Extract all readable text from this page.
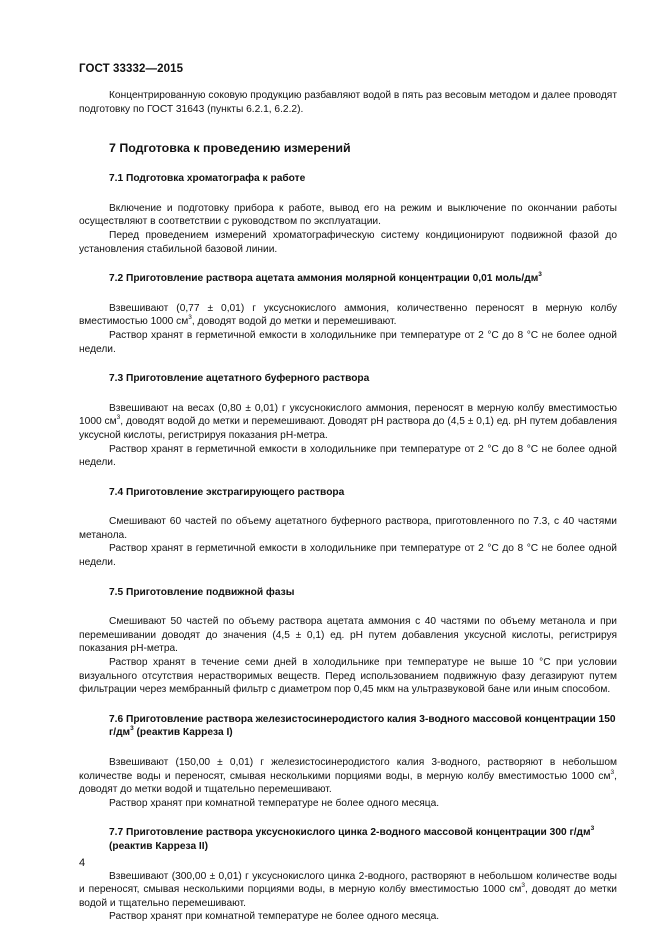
ГОСТ 33332—2015

Концентрированную соковую продукцию разбавляют водой в пять раз весовым методом и далее проводят подготовку по ГОСТ 31643 (пункты 6.2.1, 6.2.2).

7 Подготовка к проведению измерений
7.1 Подготовка хроматографа к работе

Включение и подготовку прибора к работе, вывод его на режим и выключение по окончании работы осуществляют в соответствии с руководством по эксплуатации.

Перед проведением измерений хроматографическую систему кондиционируют подвижной фазой до установления стабильной базовой линии.

7.2 Приготовление раствора ацетата аммония молярной концентрации 0,01 моль/$дм^3$

Взвешивают (0,77 ± 0,01) г уксуснокислого аммония, количественно переносят в мерную колбу вместимостью 1000 $см^3$, доводят водой до метки и перемешивают.

Раствор хранят в герметичной емкости в холодильнике при температуре от 2 °С до 8 °С не более одной недели.

7.3 Приготовление ацетатного буферного раствора

Взвешивают на весах (0,80 ± 0,01) г уксуснокислого аммония, переносят в мерную колбу вместимостью 1000 $см^3$, доводят водой до метки и перемешивают. Доводят pH раствора до (4,5 ± 0,1) ед. pH путем добавления уксусной кислоты, регистрируя показания pH-метра.

Раствор хранят в герметичной емкости в холодильнике при температуре от 2 °С до 8 °С не более одной недели.

7.4 Приготовление экстрагирующего раствора

Смешивают 60 частей по объему ацетатного буферного раствора, приготовленного по 7.3, с 40 частями метанола.

Раствор хранят в герметичной емкости в холодильнике при температуре от 2 °С до 8 °С не более одной недели.

7.5 Приготовление подвижной фазы

Смешивают 50 частей по объему раствора ацетата аммония с 40 частями по объему метанола и при перемешивании доводят до значения (4,5 ± 0,1) ед. pH путем добавления уксусной кислоты, регистрируя показания pH-метра.

Раствор хранят в течение семи дней в холодильнике при температуре не выше 10 °С при условии визуального отсутствия нерастворимых веществ. Перед использованием подвижную фазу дегазируют путем фильтрации через мембранный фильтр с диаметром пор 0,45 мкм на ультразвуковой бане или иным способом.

7.6 Приготовление раствора железистосинеродистого калия 3-водного массовой концентрации 150 $г/дм^3$ (реактив Карреза I)

Взвешивают (150,00 ± 0,01) г железистосинеродистого калия 3-водного, растворяют в небольшом количестве воды и переносят, смывая несколькими порциями воды, в мерную колбу вместимостью 1000 $см^3$, доводят до метки водой и тщательно перемешивают.

Раствор хранят при комнатной температуре не более одного месяца.

7.7 Приготовление раствора уксуснокислого цинка 2-водного массовой концентрации 300 $г/дм^3$ (реактив Карреза II)

Взвешивают (300,00 ± 0,01) г уксуснокислого цинка 2-водного, растворяют в небольшом количестве воды и переносят, смывая несколькими порциями воды, в мерную колбу вместимостью 1000 $см^3$, доводят до метки водой и тщательно перемешивают.

Раствор хранят при комнатной температуре не более одного месяца.

4
